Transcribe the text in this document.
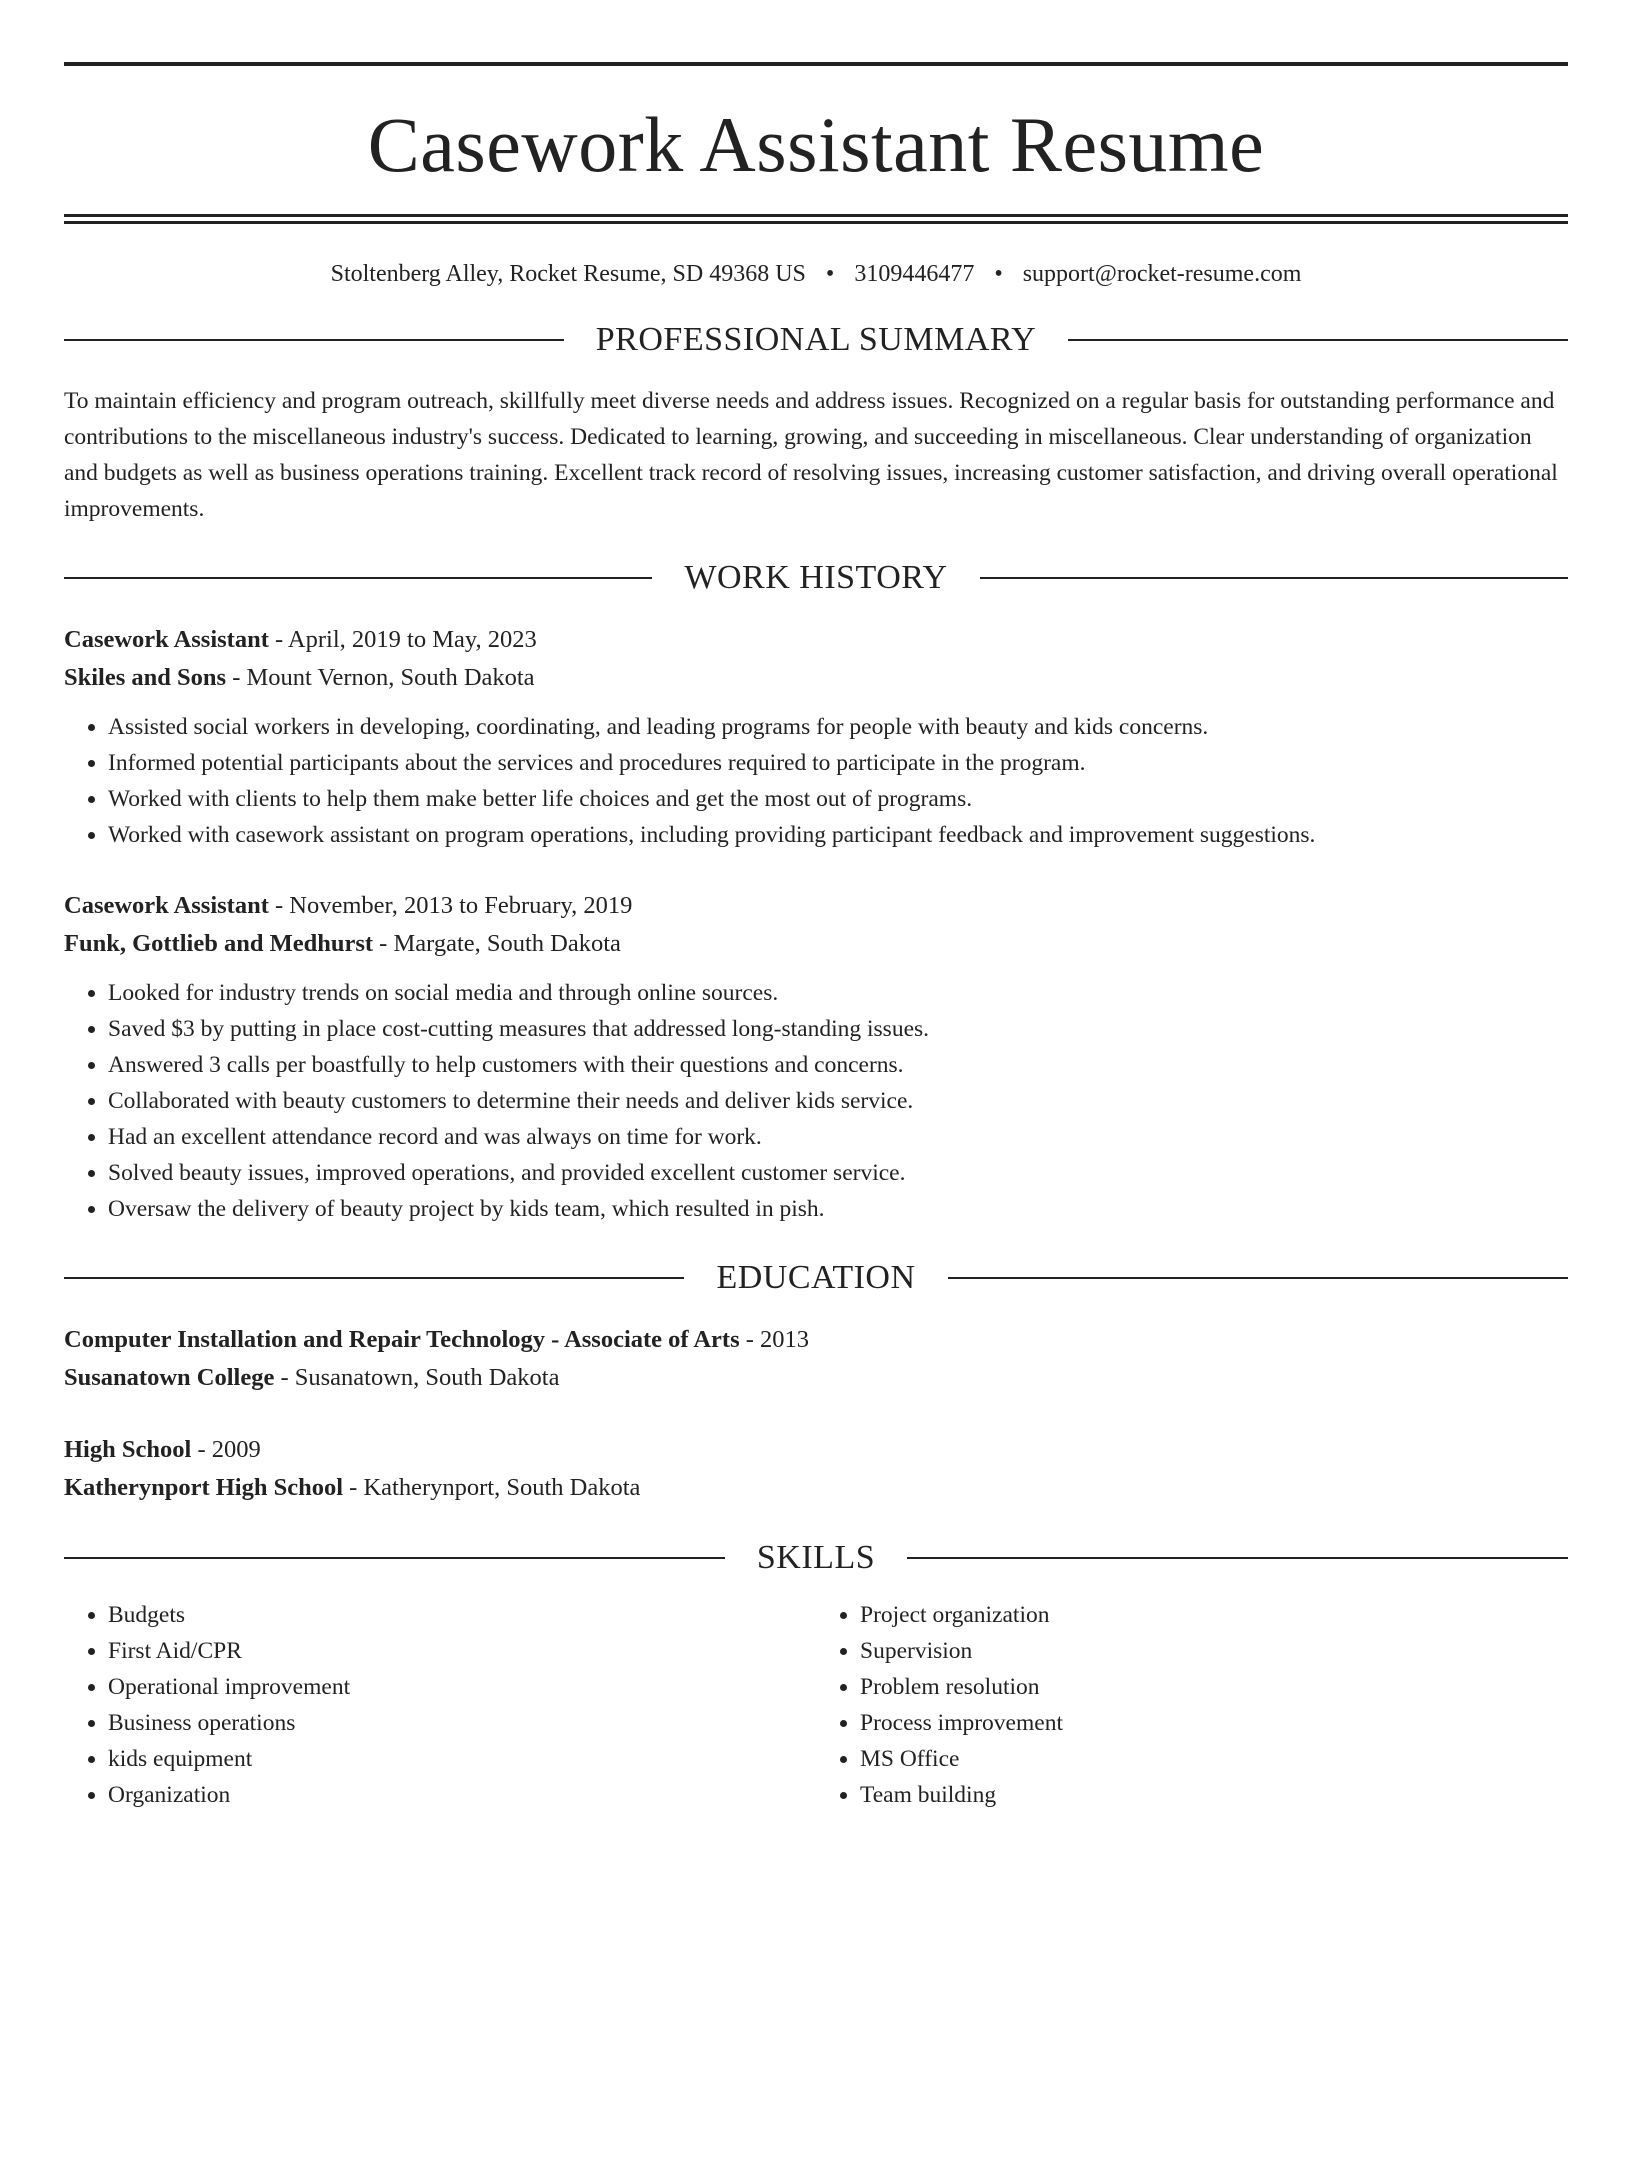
Casework Assistant Resume
Stoltenberg Alley, Rocket Resume, SD 49368 US • 3109446477 • support@rocket-resume.com
PROFESSIONAL SUMMARY
To maintain efficiency and program outreach, skillfully meet diverse needs and address issues. Recognized on a regular basis for outstanding performance and contributions to the miscellaneous industry's success. Dedicated to learning, growing, and succeeding in miscellaneous. Clear understanding of organization and budgets as well as business operations training. Excellent track record of resolving issues, increasing customer satisfaction, and driving overall operational improvements.
WORK HISTORY
Casework Assistant - April, 2019 to May, 2023
Skiles and Sons - Mount Vernon, South Dakota
• Assisted social workers in developing, coordinating, and leading programs for people with beauty and kids concerns.
• Informed potential participants about the services and procedures required to participate in the program.
• Worked with clients to help them make better life choices and get the most out of programs.
• Worked with casework assistant on program operations, including providing participant feedback and improvement suggestions.
Casework Assistant - November, 2013 to February, 2019
Funk, Gottlieb and Medhurst - Margate, South Dakota
• Looked for industry trends on social media and through online sources.
• Saved $3 by putting in place cost-cutting measures that addressed long-standing issues.
• Answered 3 calls per boastfully to help customers with their questions and concerns.
• Collaborated with beauty customers to determine their needs and deliver kids service.
• Had an excellent attendance record and was always on time for work.
• Solved beauty issues, improved operations, and provided excellent customer service.
• Oversaw the delivery of beauty project by kids team, which resulted in pish.
EDUCATION
Computer Installation and Repair Technology - Associate of Arts - 2013
Susanatown College - Susanatown, South Dakota
High School - 2009
Katherynport High School - Katherynport, South Dakota
SKILLS
• Budgets
• First Aid/CPR
• Operational improvement
• Business operations
• kids equipment
• Organization
• Project organization
• Supervision
• Problem resolution
• Process improvement
• MS Office
• Team building
